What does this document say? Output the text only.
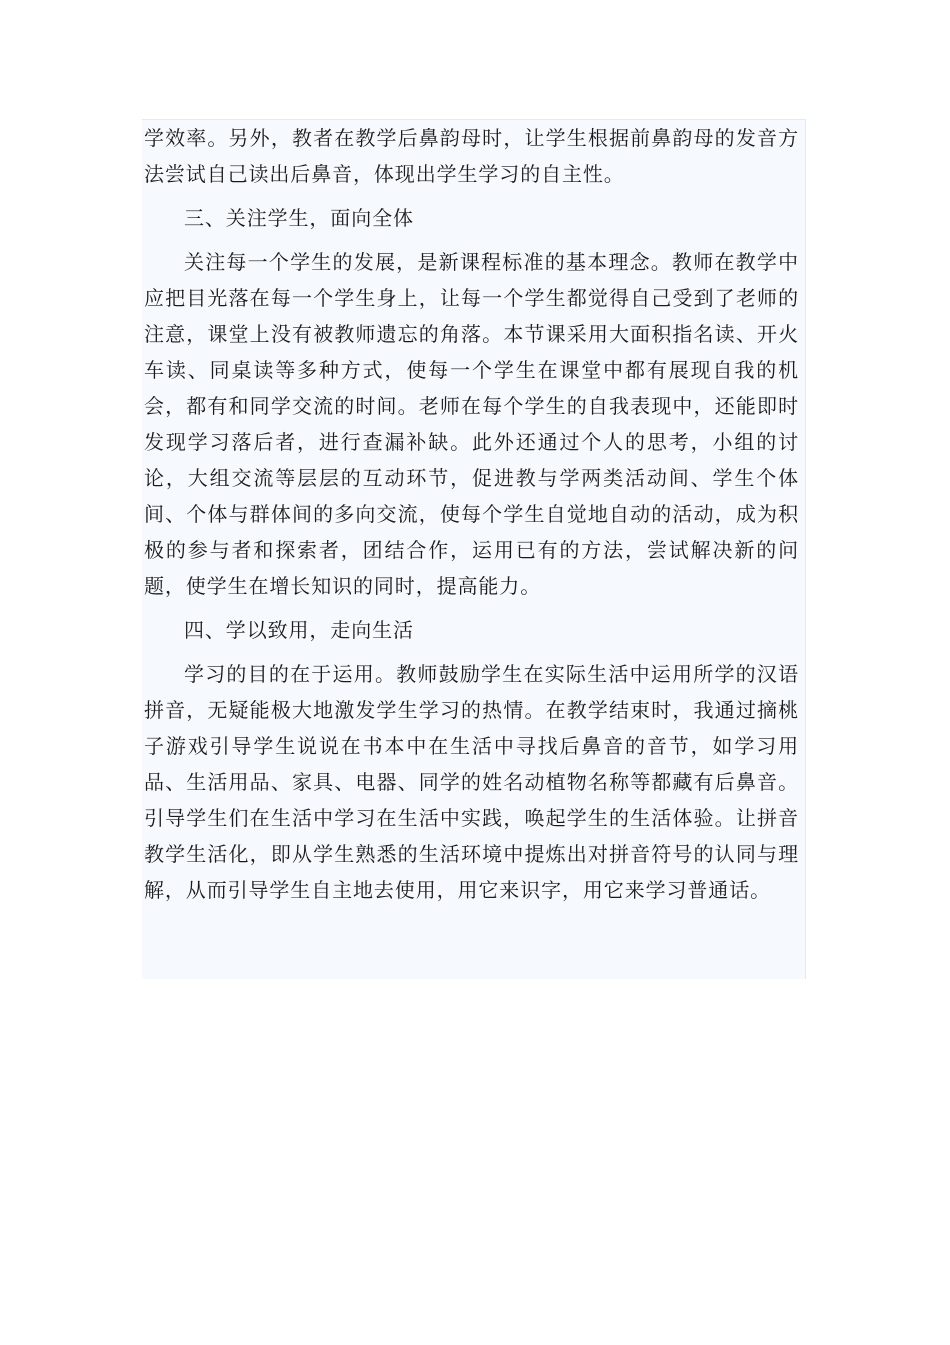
学效率。另外，教者在教学后鼻韵母时，让学生根据前鼻韵母的发音方法尝试自己读出后鼻音，体现出学生学习的自主性。

三、关注学生，面向全体

关注每一个学生的发展，是新课程标准的基本理念。教师在教学中应把目光落在每一个学生身上，让每一个学生都觉得自己受到了老师的注意，课堂上没有被教师遗忘的角落。本节课采用大面积指名读、开火车读、同桌读等多种方式，使每一个学生在课堂中都有展现自我的机会，都有和同学交流的时间。老师在每个学生的自我表现中，还能即时发现学习落后者，进行查漏补缺。此外还通过个人的思考，小组的讨论，大组交流等层层的互动环节，促进教与学两类活动间、学生个体间、个体与群体间的多向交流，使每个学生自觉地自动的活动，成为积极的参与者和探索者，团结合作，运用已有的方法，尝试解决新的问题，使学生在增长知识的同时，提高能力。

四、学以致用，走向生活

学习的目的在于运用。教师鼓励学生在实际生活中运用所学的汉语拼音，无疑能极大地激发学生学习的热情。在教学结束时，我通过摘桃子游戏引导学生说说在书本中在生活中寻找后鼻音的音节，如学习用品、生活用品、家具、电器、同学的姓名动植物名称等都藏有后鼻音。引导学生们在生活中学习在生活中实践，唤起学生的生活体验。让拼音教学生活化，即从学生熟悉的生活环境中提炼出对拼音符号的认同与理解，从而引导学生自主地去使用，用它来识字，用它来学习普通话。
